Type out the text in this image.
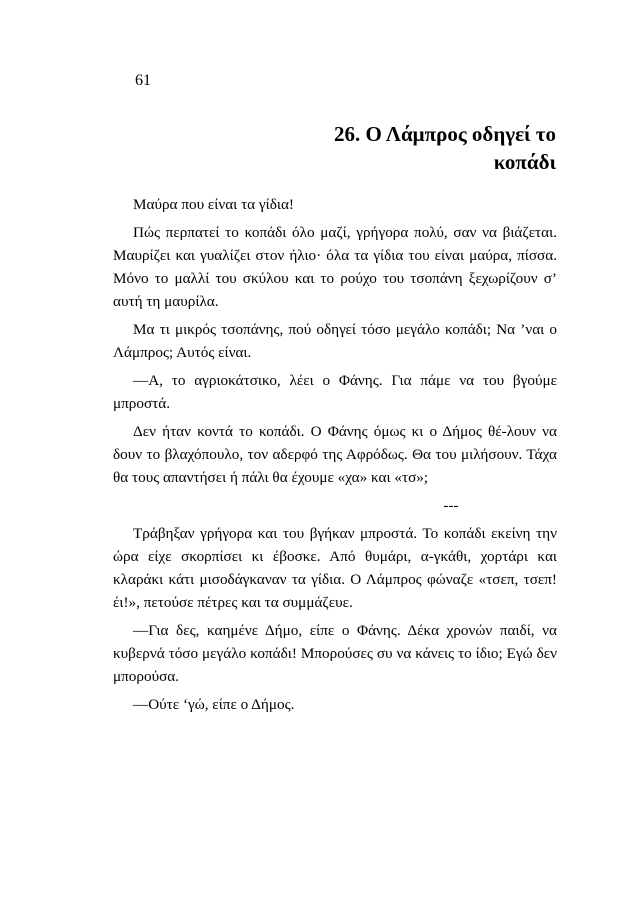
61
26. Ο Λάμπρος οδηγεί το
κοπάδι

Μαύρα που είναι τα γίδια!

Πώς περπατεί το κοπάδι όλο μαζί, γρήγορα πολύ, σαν να βιάζεται. Μαυρίζει και γυαλίζει στον ήλιο· όλα τα γίδια του είναι μαύρα, πίσσα. Μόνο το μαλλί του σκύλου και το ρούχο του τσοπάνη ξεχωρίζουν σ’ αυτή τη μαυρίλα.

Μα τι μικρός τσοπάνης, πού οδηγεί τόσο μεγάλο κοπάδι; Να ’ναι ο Λάμπρος; Αυτός είναι.

—Α, το αγριοκάτσικο, λέει ο Φάνης. Για πάμε να του βγούμε μπροστά.

Δεν ήταν κοντά το κοπάδι. Ο Φάνης όμως κι ο Δήμος θέ-λουν να δουν το βλαχόπουλο, τον αδερφό της Αφρόδως. Θα του μιλήσουν. Τάχα θα τους απαντήσει ή πάλι θα έχουμε «χα» και «τσ»;

---

Τράβηξαν γρήγορα και του βγήκαν μπροστά. Το κοπάδι εκείνη την ώρα είχε σκορπίσει κι έβοσκε. Από θυμάρι, α-γκάθι, χορτάρι και κλαράκι κάτι μισοδάγκαναν τα γίδια. Ο Λάμπρος φώναζε «τσεπ, τσεπ! έι!», πετούσε πέτρες και τα συμμάζευε.

—Για δες, καημένε Δήμο, είπε ο Φάνης. Δέκα χρονών παιδί, να κυβερνά τόσο μεγάλο κοπάδι! Μπορούσες συ να κάνεις το ίδιο; Εγώ δεν μπορούσα.

—Ούτε ‘γώ, είπε ο Δήμος.
